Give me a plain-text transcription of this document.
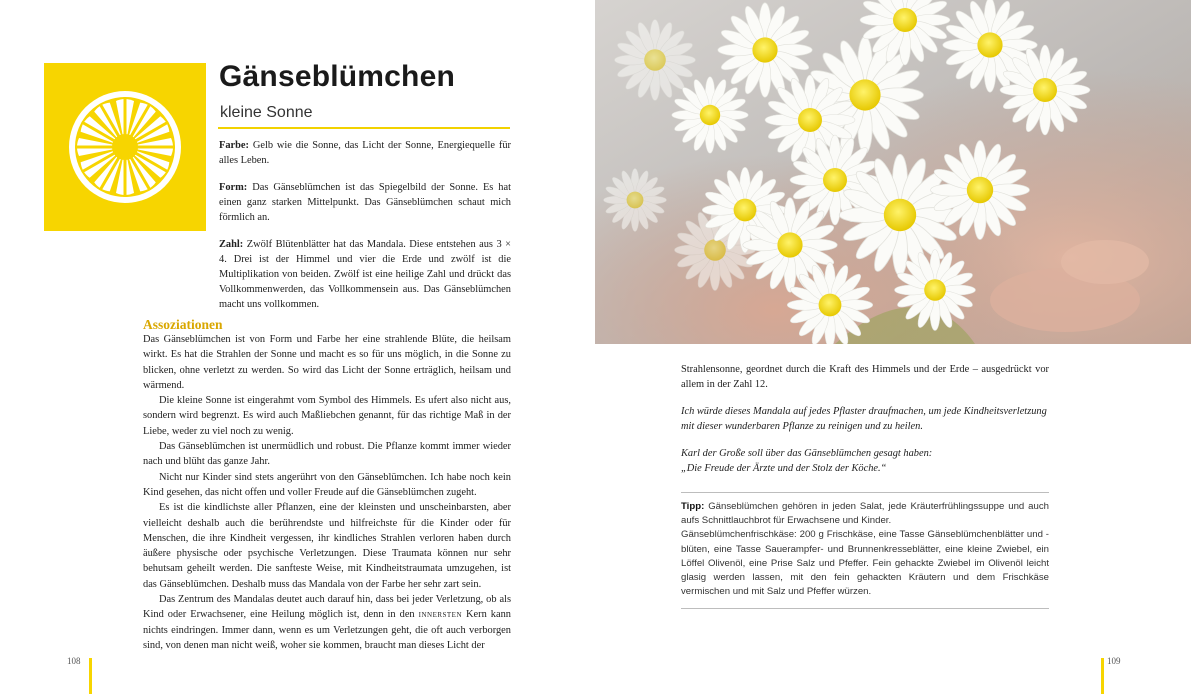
Gänseblümchen
kleine Sonne

Farbe: Gelb wie die Sonne, das Licht der Sonne, Energiequelle für alles Leben.

Form: Das Gänseblümchen ist das Spiegelbild der Sonne. Es hat einen ganz starken Mittelpunkt. Das Gänseblümchen schaut mich förmlich an.

Zahl: Zwölf Blütenblätter hat das Mandala. Diese entstehen aus 3 × 4. Drei ist der Himmel und vier die Erde und zwölf ist die Multiplikation von beiden. Zwölf ist eine heilige Zahl und drückt das Vollkommenwerden, das Vollkommensein aus. Das Gänseblümchen macht uns vollkommen.

Assoziationen

Das Gänseblümchen ist von Form und Farbe her eine strahlende Blüte, die heilsam wirkt. Es hat die Strahlen der Sonne und macht es so für uns möglich, in die Sonne zu blicken, ohne verletzt zu werden. So wird das Licht der Sonne erträglich, heilsam und wärmend.

Die kleine Sonne ist eingerahmt vom Symbol des Himmels. Es ufert also nicht aus, sondern wird begrenzt. Es wird auch Maßliebchen genannt, für das richtige Maß in der Liebe, weder zu viel noch zu wenig.

Das Gänseblümchen ist unermüdlich und robust. Die Pflanze kommt immer wieder nach und blüht das ganze Jahr.

Nicht nur Kinder sind stets angerührt von den Gänseblümchen. Ich habe noch kein Kind gesehen, das nicht offen und voller Freude auf die Gänseblümchen zugeht.

Es ist die kindlichste aller Pflanzen, eine der kleinsten und unscheinbarsten, aber vielleicht deshalb auch die berührendste und hilfreichste für die Kinder oder für Menschen, die ihre Kindheit vergessen, ihr kindliches Strahlen verloren haben durch äußere physische oder psychische Verletzungen. Diese Traumata können nur sehr behutsam geheilt werden. Die sanfteste Weise, mit Kindheitstraumata umzugehen, ist das Gänseblümchen. Deshalb muss das Mandala von der Farbe her sehr zart sein.

Das Zentrum des Mandalas deutet auch darauf hin, dass bei jeder Verletzung, ob als Kind oder Erwachsener, eine Heilung möglich ist, denn in den innersten Kern kann nichts eindringen. Immer dann, wenn es um Verletzungen geht, die oft auch verborgen sind, von denen man nicht weiß, woher sie kommen, braucht man dieses Licht der

108

Strahlensonne, geordnet durch die Kraft des Himmels und der Erde – ausgedrückt vor allem in der Zahl 12.

Ich würde dieses Mandala auf jedes Pflaster draufmachen, um jede Kindheitsverletzung

mit dieser wunderbaren Pflanze zu reinigen und zu heilen.

Karl der Große soll über das Gänseblümchen gesagt haben:

„Die Freude der Ärzte und der Stolz der Köche.“

Tipp: Gänseblümchen gehören in jeden Salat, jede Kräuterfrühlingssuppe und auch aufs Schnittlauchbrot für Erwachsene und Kinder.

Gänseblümchenfrischkäse: 200 g Frischkäse, eine Tasse Gänseblümchenblätter und -blüten, eine Tasse Sauerampfer- und Brunnenkresseblätter, eine kleine Zwiebel, ein Löffel Olivenöl, eine Prise Salz und Pfeffer. Fein gehackte Zwiebel im Olivenöl leicht glasig werden lassen, mit den fein gehackten Kräutern und dem Frischkäse vermischen und mit Salz und Pfeffer würzen.

109
